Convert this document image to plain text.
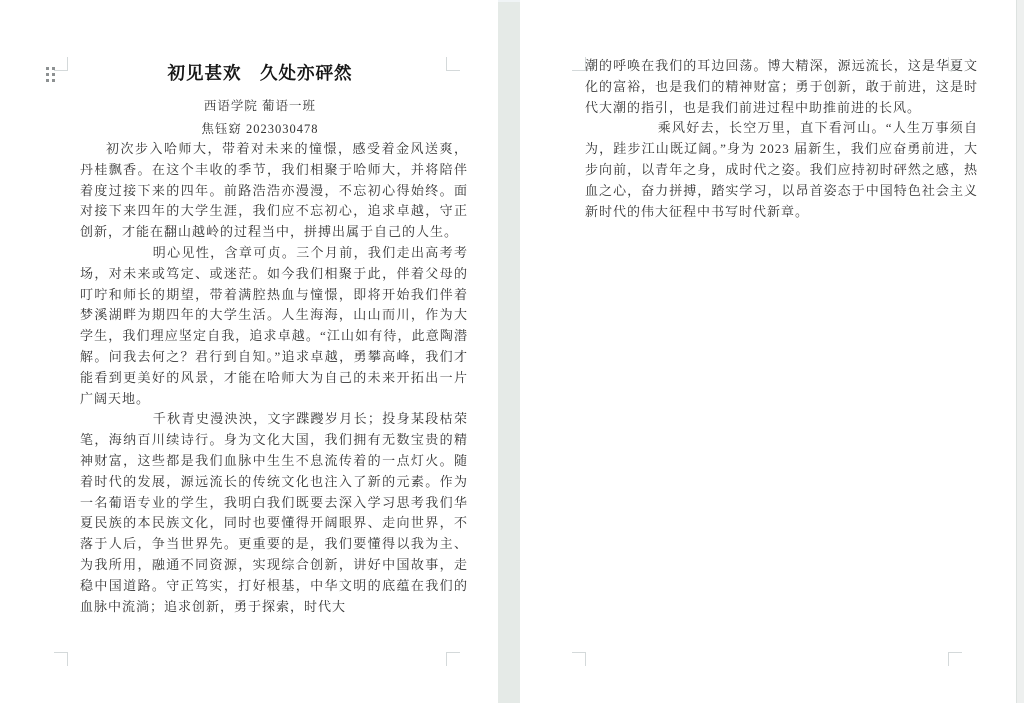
初见甚欢　久处亦砰然
西语学院 葡语一班
焦钰窈 2023030478

初次步入哈师大，带着对未来的憧憬，感受着金风送爽，丹桂飘香。在这个丰收的季节，我们相聚于哈师大，并将陪伴着度过接下来的四年。前路浩浩亦漫漫，不忘初心得始终。面对接下来四年的大学生涯，我们应不忘初心，追求卓越，守正创新，才能在翻山越岭的过程当中，拼搏出属于自己的人生。

明心见性，含章可贞。三个月前，我们走出高考考场，对未来或笃定、或迷茫。如今我们相聚于此，伴着父母的叮咛和师长的期望，带着满腔热血与憧憬，即将开始我们伴着梦溪湖畔为期四年的大学生活。人生海海，山山而川，作为大学生，我们理应坚定自我，追求卓越。“江山如有待，此意陶潜解。问我去何之？君行到自知。”追求卓越，勇攀高峰，我们才能看到更美好的风景，才能在哈师大为自己的未来开拓出一片广阔天地。

千秋青史漫泱泱，文字蹀躞岁月长；投身某段枯荣笔，海纳百川续诗行。身为文化大国，我们拥有无数宝贵的精神财富，这些都是我们血脉中生生不息流传着的一点灯火。随着时代的发展，源远流长的传统文化也注入了新的元素。作为一名葡语专业的学生，我明白我们既要去深入学习思考我们华夏民族的本民族文化，同时也要懂得开阔眼界、走向世界，不落于人后，争当世界先。更重要的是，我们要懂得以我为主、为我所用，融通不同资源，实现综合创新，讲好中国故事，走稳中国道路。守正笃实，打好根基，中华文明的底蕴在我们的血脉中流淌；追求创新，勇于探索，时代大

潮的呼唤在我们的耳边回荡。博大精深，源远流长，这是华夏文化的富裕，也是我们的精神财富；勇于创新，敢于前进，这是时代大潮的指引，也是我们前进过程中助推前进的长风。

乘风好去，长空万里，直下看河山。“人生万事须自为，跬步江山既辽阔。”身为 2023 届新生，我们应奋勇前进，大步向前，以青年之身，成时代之姿。我们应持初时砰然之感，热血之心，奋力拼搏，踏实学习，以昂首姿态于中国特色社会主义新时代的伟大征程中书写时代新章。
